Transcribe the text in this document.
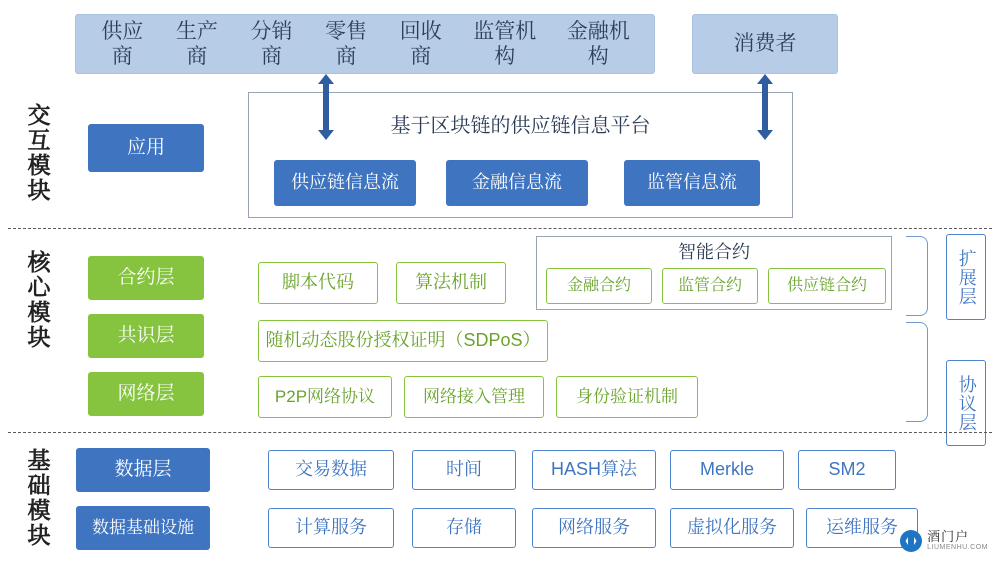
供应商
生产商
分销商
零售商
回收商
监管机构
金融机构
消费者
交互模块
核心模块
基础模块
应用
基于区块链的供应链信息平台
供应链信息流	金融信息流	监管信息流
合约层
共识层
网络层
脚本代码	算法机制
智能合约
金融合约	监管合约	供应链合约
随机动态股份授权证明（SDPoS）
P2P网络协议	网络接入管理	身份验证机制
扩展层
协议层
数据层
数据基础设施
交易数据	时间	HASH算法	Merkle	SM2
计算服务	存储	网络服务	虚拟化服务	运维服务 酒门户
LIUMENHU.COM
